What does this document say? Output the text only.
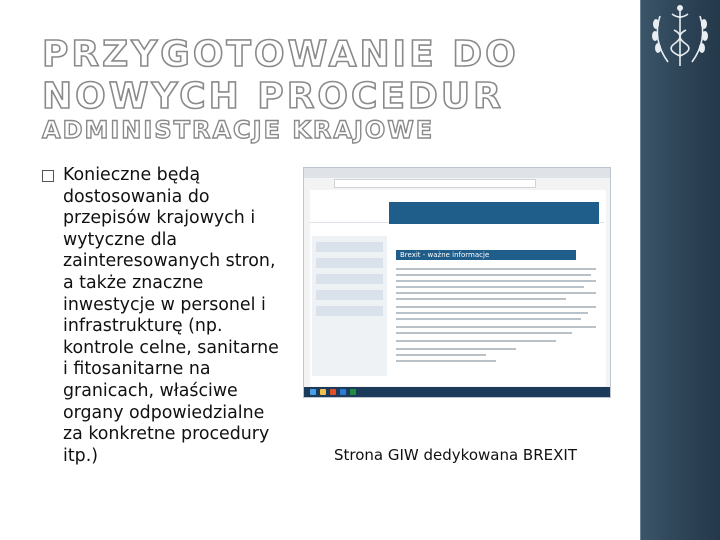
PRZYGOTOWANIE DO NOWYCH PROCEDUR
ADMINISTRACJE KRAJOWE
Konieczne będą dostosowania do przepisów krajowych i wytyczne dla zainteresowanych stron, a także znaczne inwestycje w personel i infrastrukturę (np. kontrole celne, sanitarne i fitosanitarne na granicach, właściwe organy odpowiedzialne za konkretne procedury itp.)
Brexit - ważne informacje
Strona GIW dedykowana BREXIT
